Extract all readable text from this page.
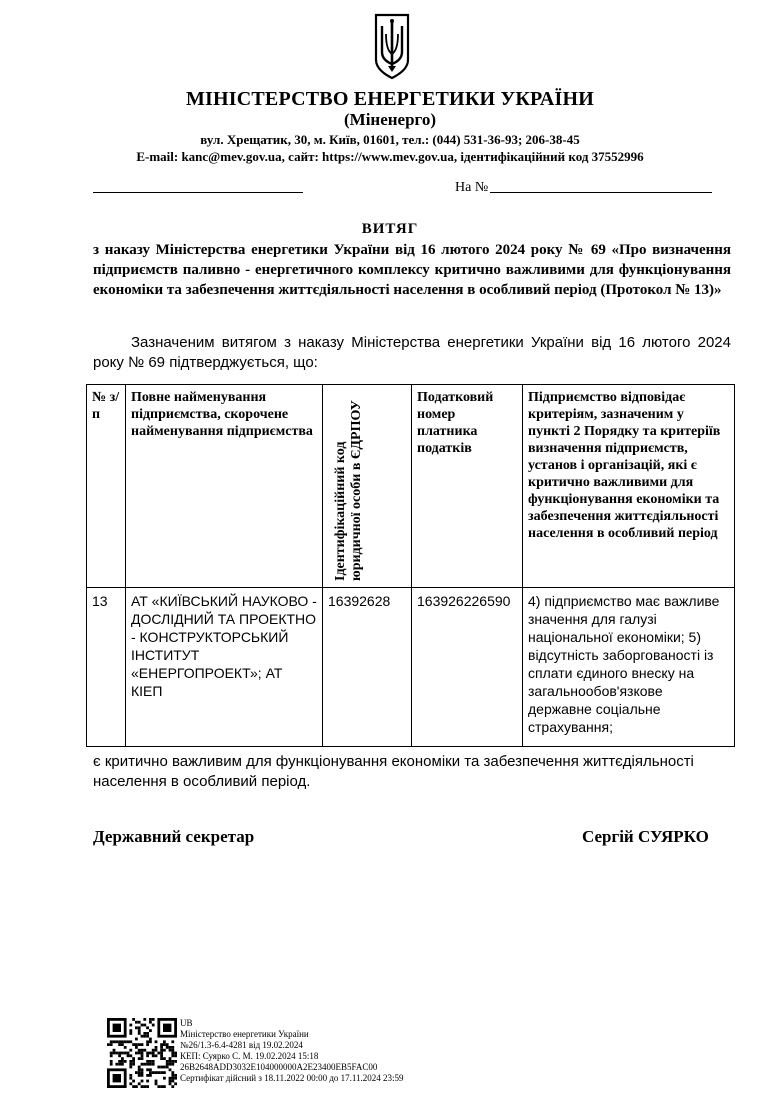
МІНІСТЕРСТВО ЕНЕРГЕТИКИ УКРАЇНИ
(Міненерго)
вул. Хрещатик, 30, м. Київ, 01601, тел.: (044) 531-36-93; 206-38-45
E-mail: kanc@mev.gov.ua, сайт: https://www.mev.gov.ua, ідентифікаційний код 37552996
На №
ВИТЯГ
з наказу Міністерства енергетики України від 16 лютого 2024 року № 69 «Про визначення підприємств паливно - енергетичного комплексу критично важливими для функціонування економіки та забезпечення життєдіяльності населення в особливий період (Протокол № 13)»
Зазначеним витягом з наказу Міністерства енергетики України від 16 лютого 2024 року № 69 підтверджується, що:
№ з/п	Повне найменування підприємства, скорочене найменування підприємства	Ідентифікаційний код юридичної особи в ЄДРПОУ	Податковий номер платника податків	Підприємство відповідає критеріям, зазначеним у пункті 2 Порядку та критеріїв визначення підприємств, установ і організацій, які є критично важливими для функціонування економіки та забезпечення життєдіяльності населення в особливий період
13	АТ «КИЇВСЬКИЙ НАУКОВО - ДОСЛІДНИЙ ТА ПРОЕКТНО - КОНСТРУКТОРСЬКИЙ ІНСТИТУТ «ЕНЕРГОПРОЕКТ»; АТ КІЕП	16392628	163926226590	4) підприємство має важливе значення для галузі національної економіки; 5) відсутність заборгованості із сплати єдиного внеску на загальнообов'язкове державне соціальне страхування;
є критично важливим для функціонування економіки та забезпечення життєдіяльності населення в особливий період.
Державний секретар	Сергій СУЯРКО
UB
Міністерство енергетики України
№26/1.3-6.4-4281 від 19.02.2024
КЕП: Суярко С. М. 19.02.2024 15:18
26B2648ADD3032E104000000A2E23400EB5FAC00
Сертифікат дійсний з 18.11.2022 00:00 до 17.11.2024 23:59
